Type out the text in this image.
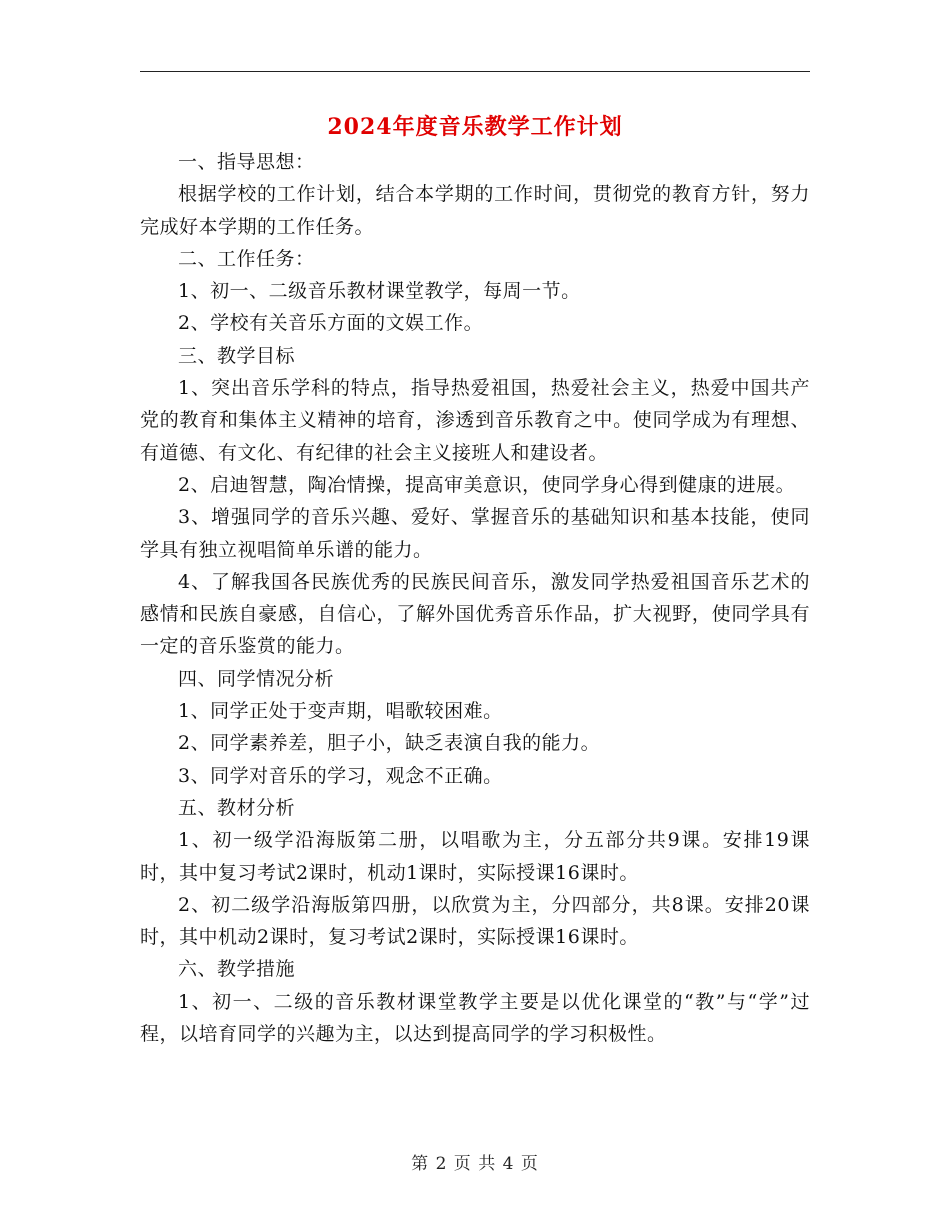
2024年度音乐教学工作计划

一、指导思想：

根据学校的工作计划，结合本学期的工作时间，贯彻党的教育方针，努力完成好本学期的工作任务。

二、工作任务：

1、初一、二级音乐教材课堂教学，每周一节。

2、学校有关音乐方面的文娱工作。

三、教学目标

1、突出音乐学科的特点，指导热爱祖国，热爱社会主义，热爱中国共产党的教育和集体主义精神的培育，渗透到音乐教育之中。使同学成为有理想、有道德、有文化、有纪律的社会主义接班人和建设者。

2、启迪智慧，陶冶情操，提高审美意识，使同学身心得到健康的进展。

3、增强同学的音乐兴趣、爱好、掌握音乐的基础知识和基本技能，使同学具有独立视唱简单乐谱的能力。

4、了解我国各民族优秀的民族民间音乐，激发同学热爱祖国音乐艺术的感情和民族自豪感，自信心，了解外国优秀音乐作品，扩大视野，使同学具有一定的音乐鉴赏的能力。

四、同学情况分析

1、同学正处于变声期，唱歌较困难。

2、同学素养差，胆子小，缺乏表演自我的能力。

3、同学对音乐的学习，观念不正确。

五、教材分析

1、初一级学沿海版第二册，以唱歌为主，分五部分共9课。安排19课时，其中复习考试2课时，机动1课时，实际授课16课时。

2、初二级学沿海版第四册，以欣赏为主，分四部分，共8课。安排20课时，其中机动2课时，复习考试2课时，实际授课16课时。

六、教学措施

1、初一、二级的音乐教材课堂教学主要是以优化课堂的“教”与“学”过程，以培育同学的兴趣为主，以达到提高同学的学习积极性。

第 2 页 共 4 页
